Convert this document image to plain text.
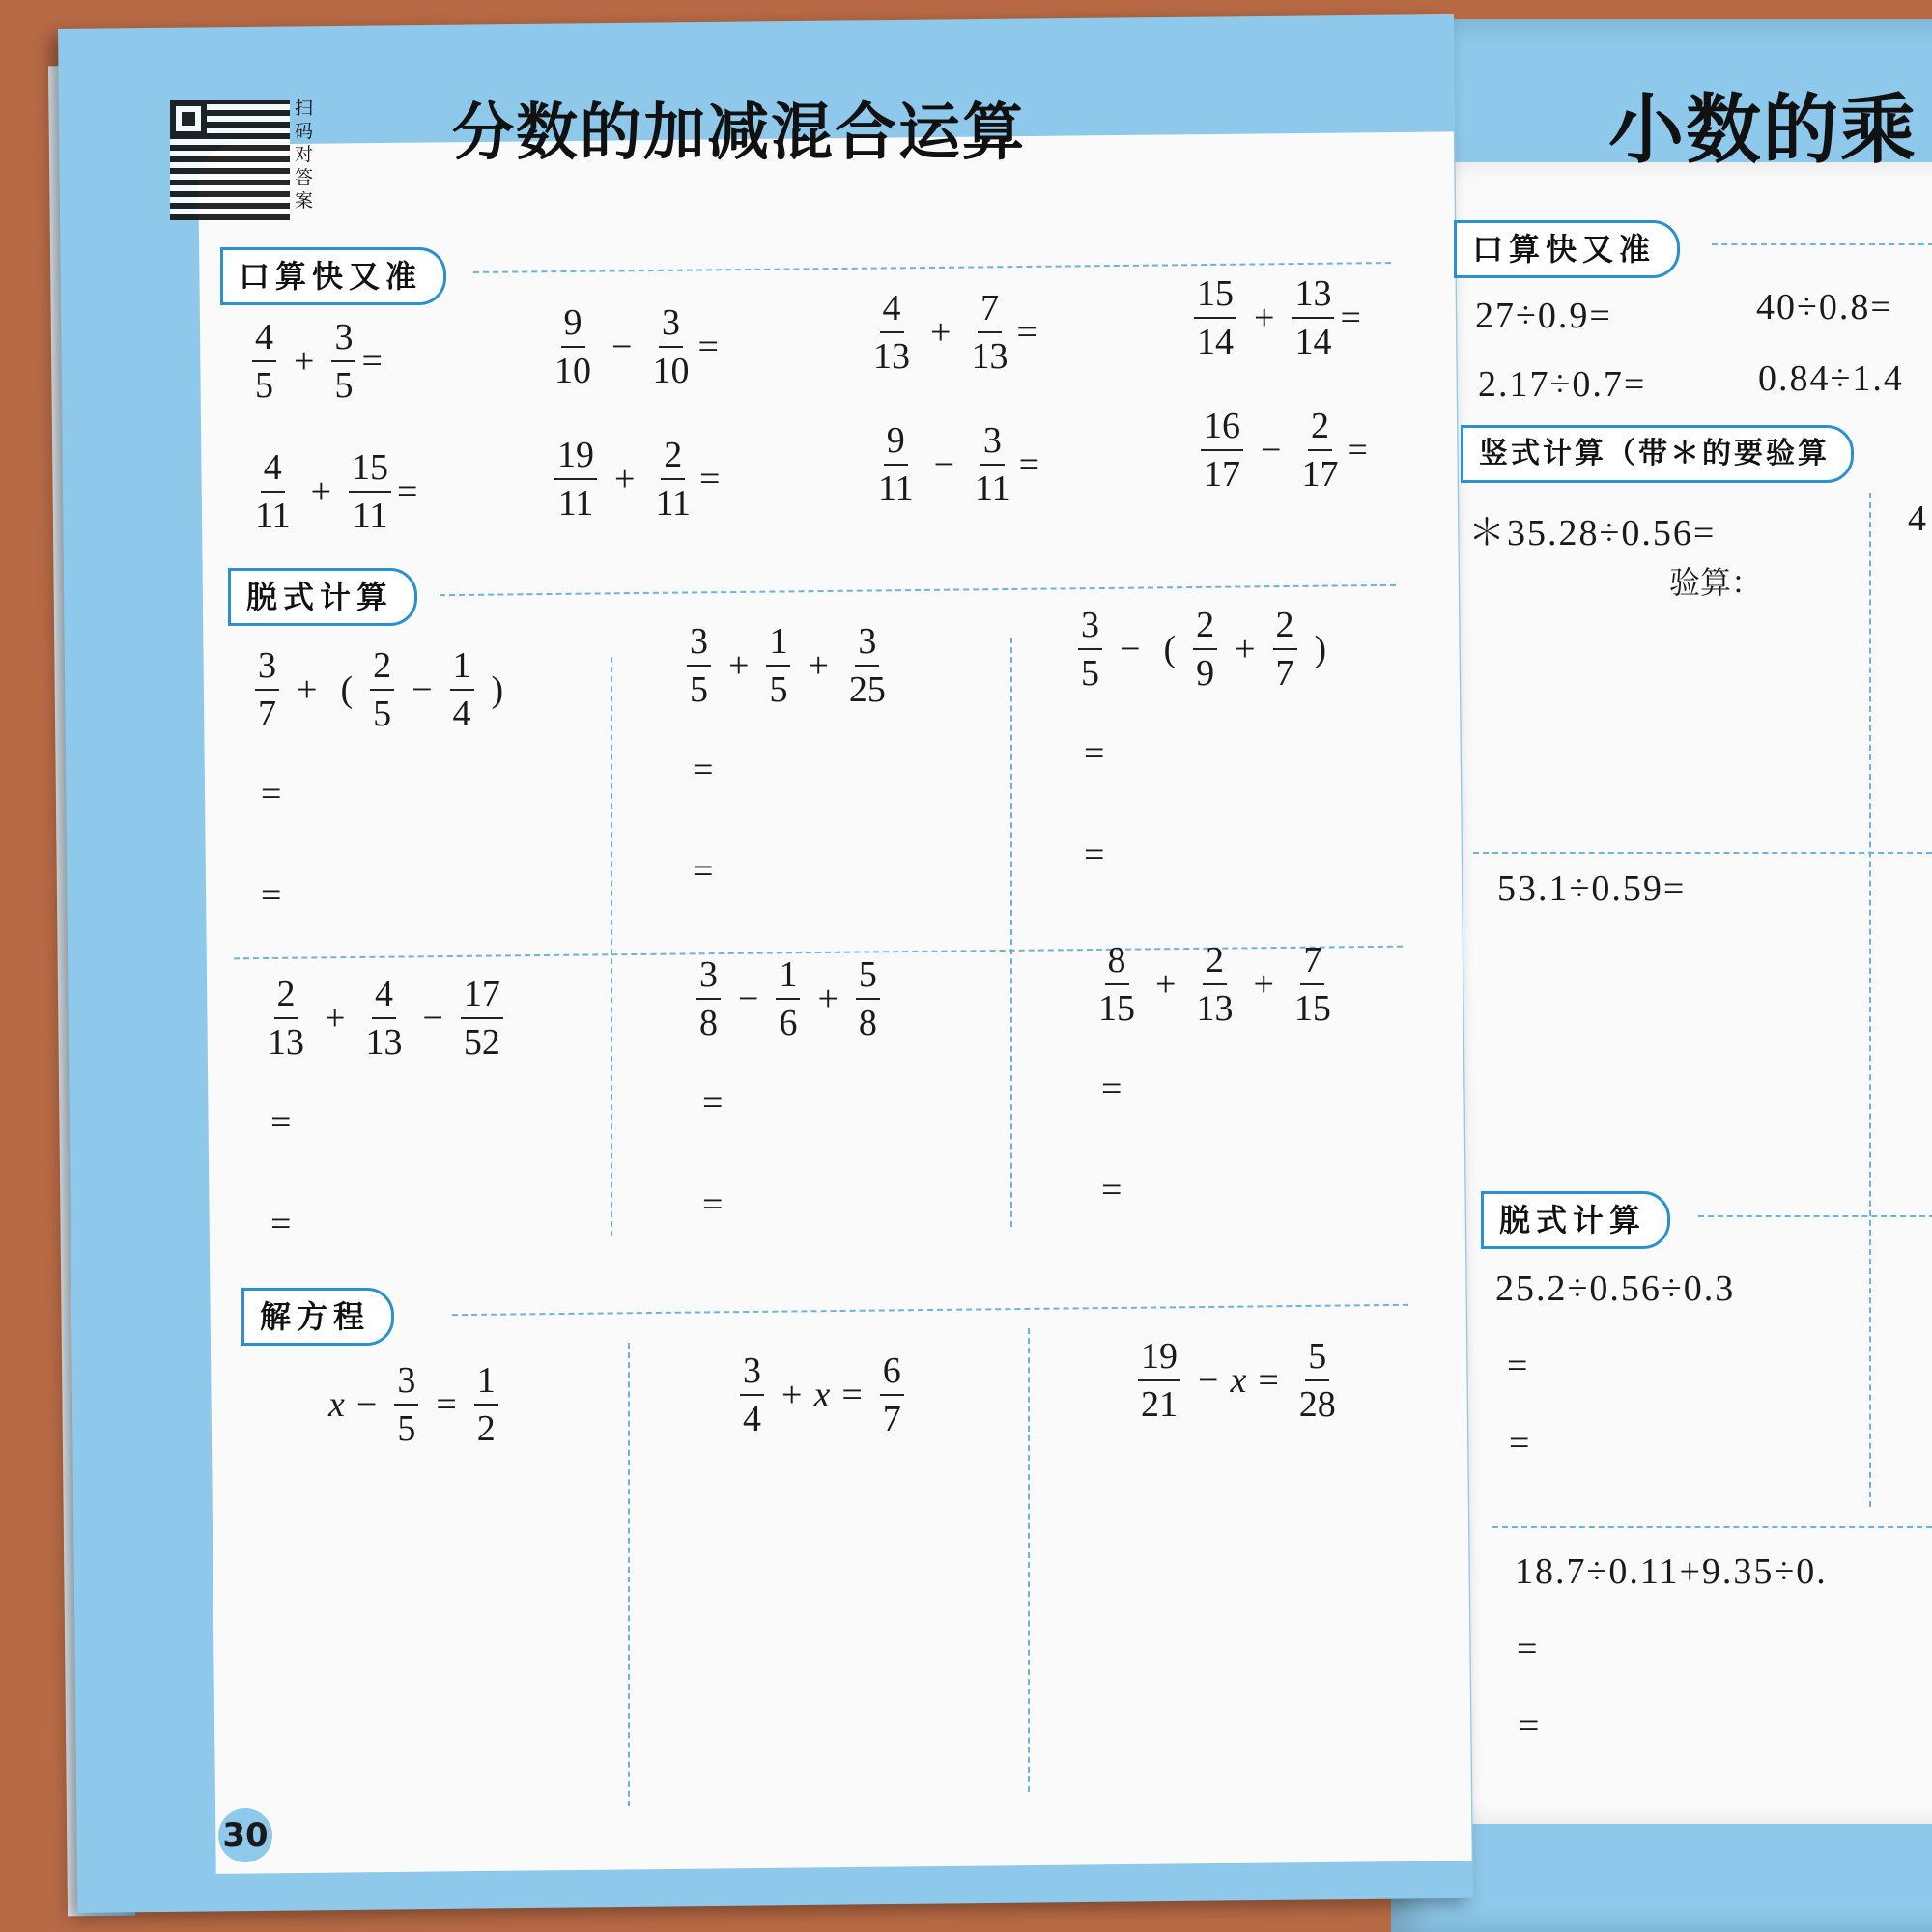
扫码对答案
分数的加减混合运算
口算快又准
$\frac{4}{5} + \frac{3}{5}$ =	$\frac{9}{10} - \frac{3}{10}$ =	$\frac{4}{13} + \frac{7}{13}$ =	$\frac{15}{14} + \frac{13}{14}$ =
$\frac{4}{11} + \frac{15}{11}$ =	$\frac{19}{11} + \frac{2}{11}$ =	$\frac{9}{11} - \frac{3}{11}$ =	$\frac{16}{17} - \frac{2}{17}$ =
脱式计算
$\frac{3}{7}$ + ( $\frac{2}{5} - \frac{1}{4}$ )
=
=
$\frac{3}{5} + \frac{1}{5} + \frac{3}{25}$
=
=
$\frac{3}{5}$ − ( $\frac{2}{9} + \frac{2}{7}$ )
=
=
$\frac{2}{13} + \frac{4}{13} - \frac{17}{52}$
=
=
$\frac{3}{8} - \frac{1}{6} + \frac{5}{8}$
=
=
$\frac{8}{15} + \frac{2}{13} + \frac{7}{15}$
=
=
解方程
$x - \frac{3}{5} = \frac{1}{2}$	$\frac{3}{4} + x = \frac{6}{7}$	$\frac{19}{21} - x = \frac{5}{28}$
30
小数的乘
口算快又准
27÷0.9=	40÷0.8=
2.17÷0.7=	0.84÷1.4
竖式计算（带＊的要验算
＊35.28÷0.56=	4
验算：
53.1÷0.59=
脱式计算
25.2÷0.56÷0.3
=
=
18.7÷0.11+9.35÷0.
=
=
